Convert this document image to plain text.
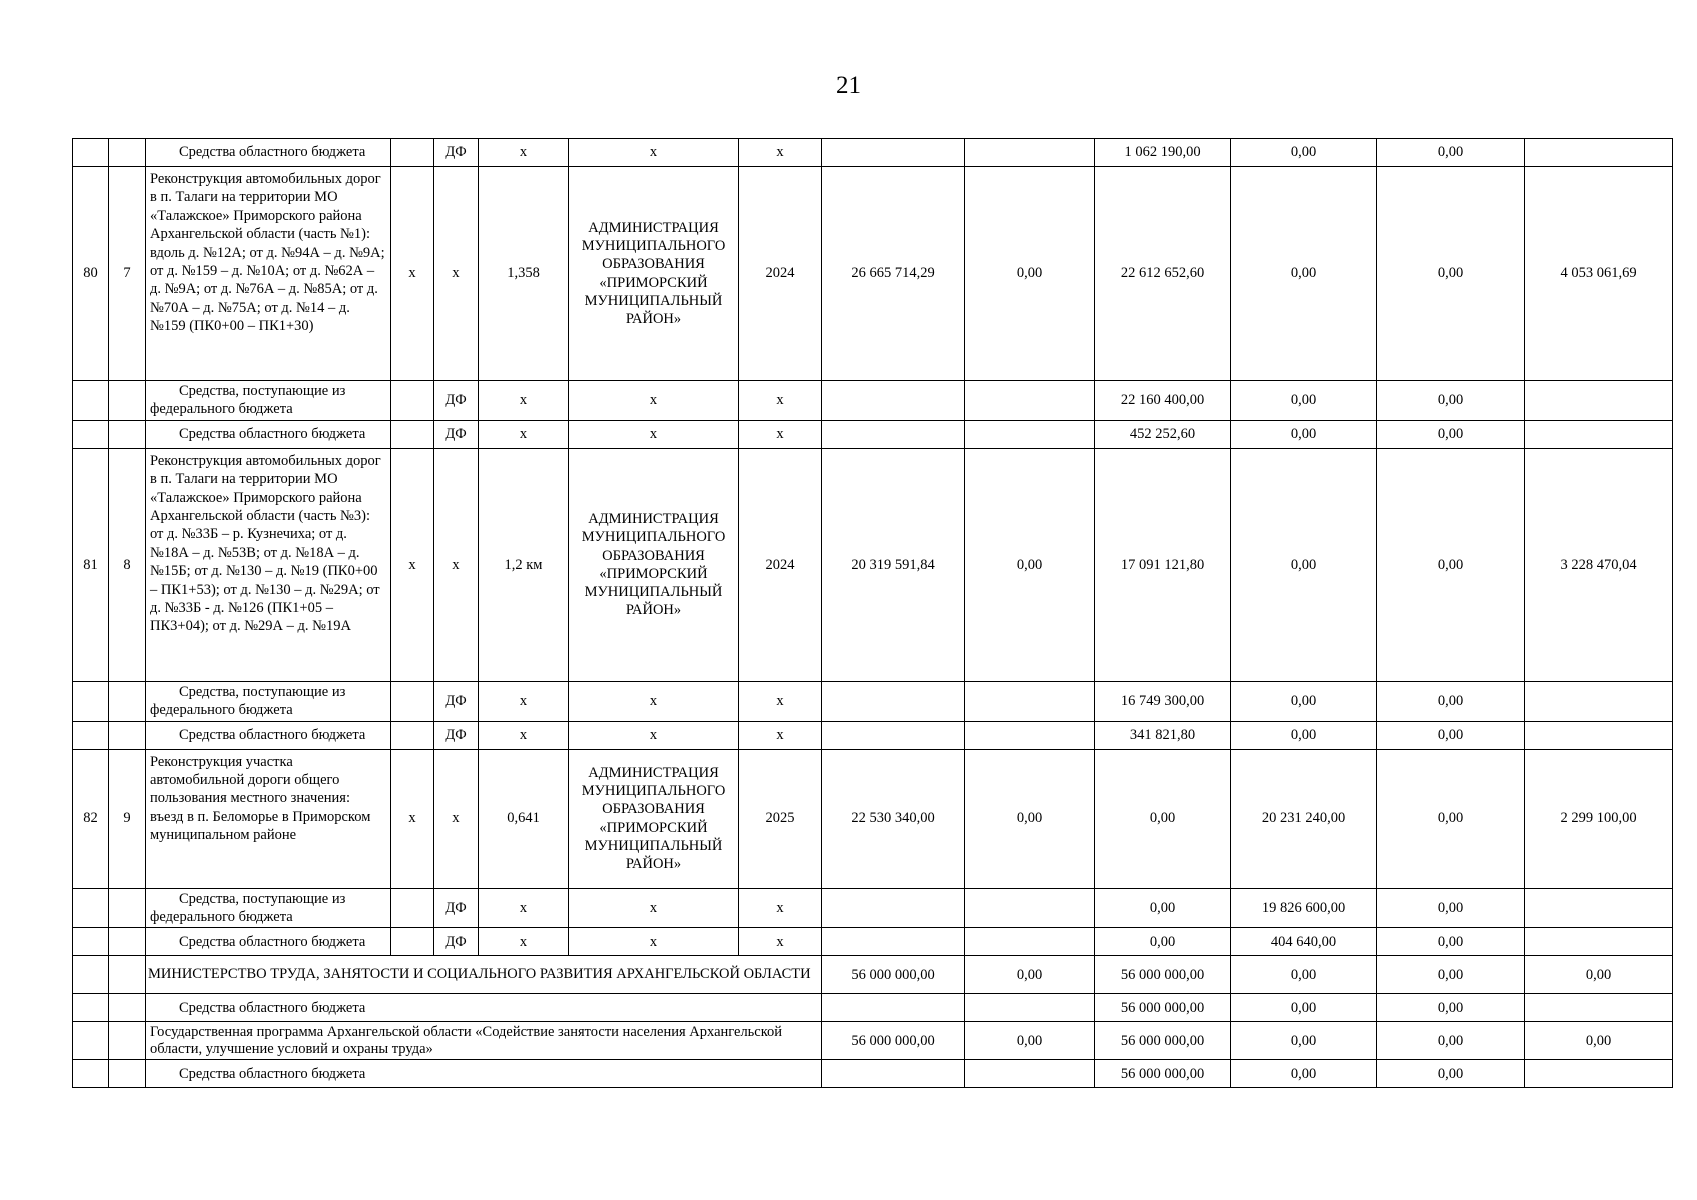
21

		Средства областного бюджета		ДФ	х	х	х			1 062 190,00	0,00	0,00	
80	7	Реконструкция автомобильных дорог в п. Талаги на территории МО «Талажское» Приморского района Архангельской области (часть №1): вдоль д. №12А; от д. №94А – д. №9А; от д. №159 – д. №10А; от д. №62А – д. №9А; от д. №76А – д. №85А; от д. №70А – д. №75А; от д. №14 – д. №159 (ПК0+00 – ПК1+30)	х	х	1,358	АДМИНИСТРАЦИЯ МУНИЦИПАЛЬНОГО ОБРАЗОВАНИЯ «ПРИМОРСКИЙ МУНИЦИПАЛЬНЫЙ РАЙОН»	2024	26 665 714,29	0,00	22 612 652,60	0,00	0,00	4 053 061,69

		Средства, поступающие из федерального бюджета		ДФ	х	х	х			22 160 400,00	0,00	0,00	

		Средства областного бюджета		ДФ	х	х	х			452 252,60	0,00	0,00	
81	8	Реконструкция автомобильных дорог в п. Талаги на территории МО «Талажское» Приморского района Архангельской области (часть №3): от д. №33Б – р. Кузнечиха; от д. №18А – д. №53В; от д. №18А – д. №15Б; от д. №130 – д. №19 (ПК0+00 – ПК1+53); от д. №130 – д. №29А; от д. №33Б - д. №126 (ПК1+05 – ПК3+04); от д. №29А – д. №19А	х	х	1,2 км	АДМИНИСТРАЦИЯ МУНИЦИПАЛЬНОГО ОБРАЗОВАНИЯ «ПРИМОРСКИЙ МУНИЦИПАЛЬНЫЙ РАЙОН»	2024	20 319 591,84	0,00	17 091 121,80	0,00	0,00	3 228 470,04

		Средства, поступающие из федерального бюджета		ДФ	х	х	х			16 749 300,00	0,00	0,00	

		Средства областного бюджета		ДФ	х	х	х			341 821,80	0,00	0,00	
82	9	Реконструкция участка автомобильной дороги общего пользования местного значения: въезд в п. Беломорье в Приморском муниципальном районе	х	х	0,641	АДМИНИСТРАЦИЯ МУНИЦИПАЛЬНОГО ОБРАЗОВАНИЯ «ПРИМОРСКИЙ МУНИЦИПАЛЬНЫЙ РАЙОН»	2025	22 530 340,00	0,00	0,00	20 231 240,00	0,00	2 299 100,00

		Средства, поступающие из федерального бюджета		ДФ	х	х	х			0,00	19 826 600,00	0,00	

		Средства областного бюджета		ДФ	х	х	х			0,00	404 640,00	0,00	
		МИНИСТЕРСТВО ТРУДА, ЗАНЯТОСТИ И СОЦИАЛЬНОГО РАЗВИТИЯ АРХАНГЕЛЬСКОЙ ОБЛАСТИ						56 000 000,00	0,00	56 000 000,00	0,00	0,00	0,00

		Средства областного бюджета								56 000 000,00	0,00	0,00	
		Государственная программа Архангельской области «Содействие занятости населения Архангельской области, улучшение условий и охраны труда»						56 000 000,00	0,00	56 000 000,00	0,00	0,00	0,00

		Средства областного бюджета								56 000 000,00	0,00	0,00	
